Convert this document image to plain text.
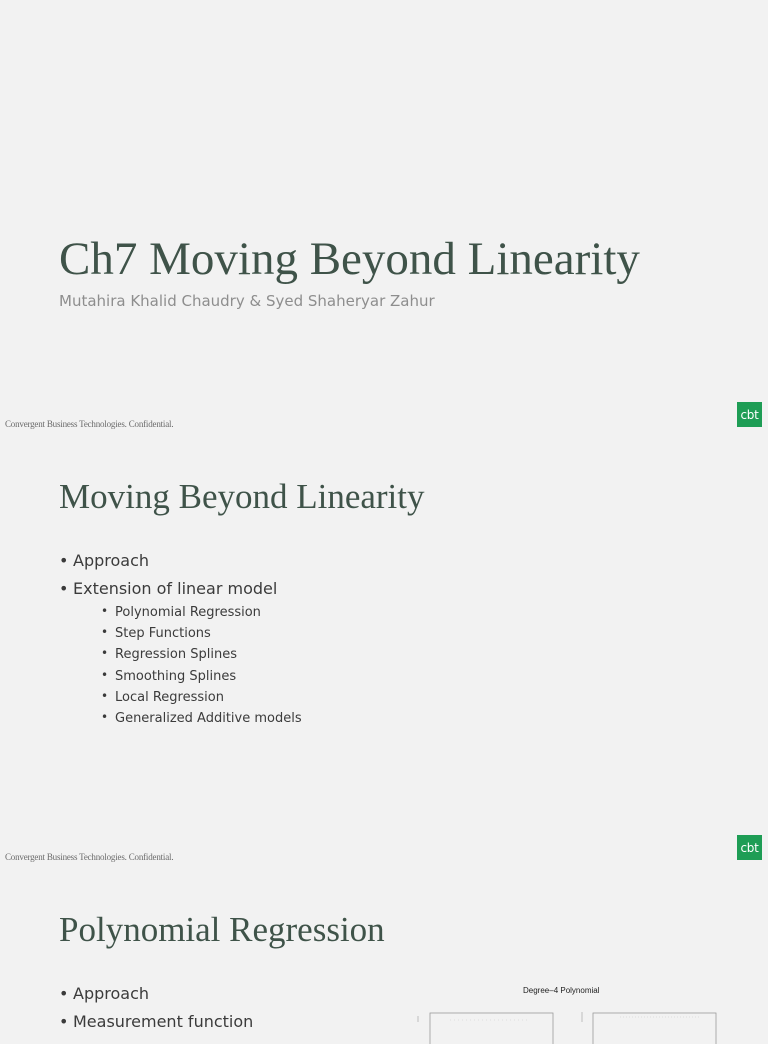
Ch7 Moving Beyond Linearity

Mutahira Khalid Chaudry & Syed Shaheryar Zahur

Convergent Business Technologies. Confidential.
cbt
Moving Beyond Linearity
• Approach
• Extension of linear model
• Polynomial Regression
• Step Functions
• Regression Splines
• Smoothing Splines
• Local Regression
• Generalized Additive models
Polynomial Regression
• Approach
• Measurement function
Degree–4 Polynomial
Convergent Business Technologies. Confidential.
cbt
